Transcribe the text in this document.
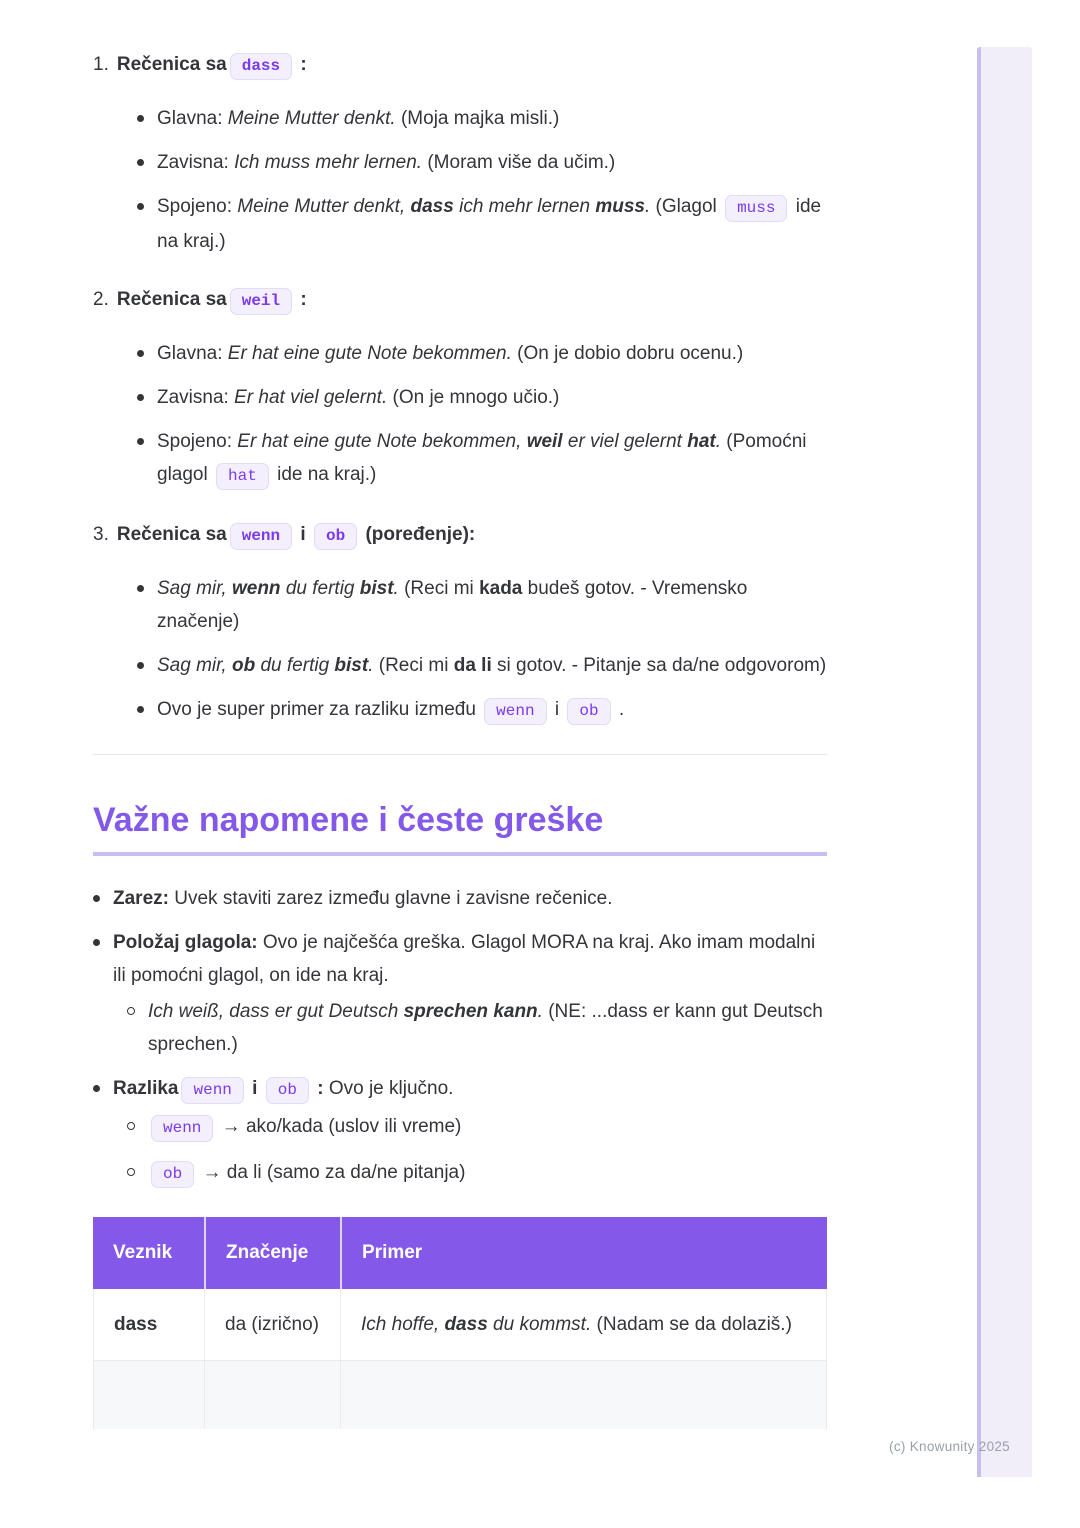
(c) Knowunity 2025
1. Rečenica sa dass :
Glavna: Meine Mutter denkt. (Moja majka misli.)
Zavisna: Ich muss mehr lernen. (Moram više da učim.)
Spojeno: Meine Mutter denkt, dass ich mehr lernen muss. (Glagol muss ide na kraj.)
2. Rečenica sa weil :
Glavna: Er hat eine gute Note bekommen. (On je dobio dobru ocenu.)
Zavisna: Er hat viel gelernt. (On je mnogo učio.)
Spojeno: Er hat eine gute Note bekommen, weil er viel gelernt hat. (Pomoćni glagol hat ide na kraj.)
3. Rečenica sa wenn i ob (poređenje):
Sag mir, wenn du fertig bist. (Reci mi kada budeš gotov. - Vremensko značenje)
Sag mir, ob du fertig bist. (Reci mi da li si gotov. - Pitanje sa da/ne odgovorom)
Ovo je super primer za razliku između wenn i ob .
Važne napomene i česte greške
Zarez: Uvek staviti zarez između glavne i zavisne rečenice.
Položaj glagola: Ovo je najčešća greška. Glagol MORA na kraj. Ako imam modalni ili pomoćni glagol, on ide na kraj.
Ich weiß, dass er gut Deutsch sprechen kann. (NE: ...dass er kann gut Deutsch sprechen.)
Razlika wenn i ob : Ovo je ključno.
wenn → ako/kada (uslov ili vreme)
ob → da li (samo za da/ne pitanja)
Veznik	Značenje	Primer
dass	da (izrično)	Ich hoffe, dass du kommst. (Nadam se da dolaziš.)
